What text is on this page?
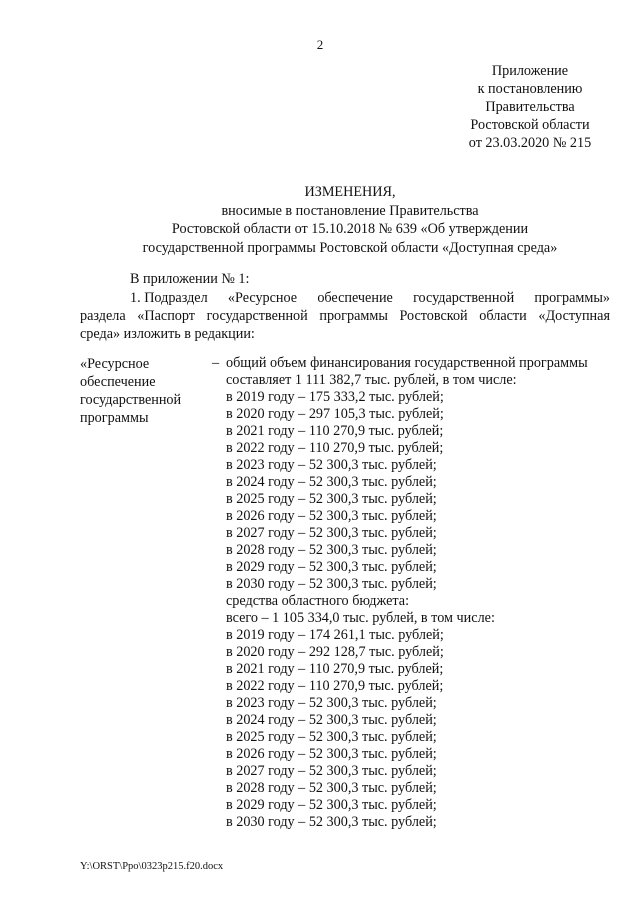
2
Приложение
к постановлению
Правительства
Ростовской области
от 23.03.2020 № 215
ИЗМЕНЕНИЯ,
вносимые в постановление Правительства
Ростовской области от 15.10.2018 № 639 «Об утверждении
государственной программы Ростовской области «Доступная среда»
В приложении № 1:
1. Подраздел «Ресурсное обеспечение государственной программы»
раздела «Паспорт государственной программы Ростовской области «Доступная
среда» изложить в редакции:
«Ресурсное
обеспечение
государственной
программы
– общий объем финансирования государственной программы
составляет 1 111 382,7 тыс. рублей, в том числе:
в 2019 году – 175 333,2 тыс. рублей;
в 2020 году – 297 105,3 тыс. рублей;
в 2021 году – 110 270,9 тыс. рублей;
в 2022 году – 110 270,9 тыс. рублей;
в 2023 году – 52 300,3 тыс. рублей;
в 2024 году – 52 300,3 тыс. рублей;
в 2025 году – 52 300,3 тыс. рублей;
в 2026 году – 52 300,3 тыс. рублей;
в 2027 году – 52 300,3 тыс. рублей;
в 2028 году – 52 300,3 тыс. рублей;
в 2029 году – 52 300,3 тыс. рублей;
в 2030 году – 52 300,3 тыс. рублей;
средства областного бюджета:
всего – 1 105 334,0 тыс. рублей, в том числе:
в 2019 году – 174 261,1 тыс. рублей;
в 2020 году – 292 128,7 тыс. рублей;
в 2021 году – 110 270,9 тыс. рублей;
в 2022 году – 110 270,9 тыс. рублей;
в 2023 году – 52 300,3 тыс. рублей;
в 2024 году – 52 300,3 тыс. рублей;
в 2025 году – 52 300,3 тыс. рублей;
в 2026 году – 52 300,3 тыс. рублей;
в 2027 году – 52 300,3 тыс. рублей;
в 2028 году – 52 300,3 тыс. рублей;
в 2029 году – 52 300,3 тыс. рублей;
в 2030 году – 52 300,3 тыс. рублей;
Y:\ORST\Ppo\0323p215.f20.docx
